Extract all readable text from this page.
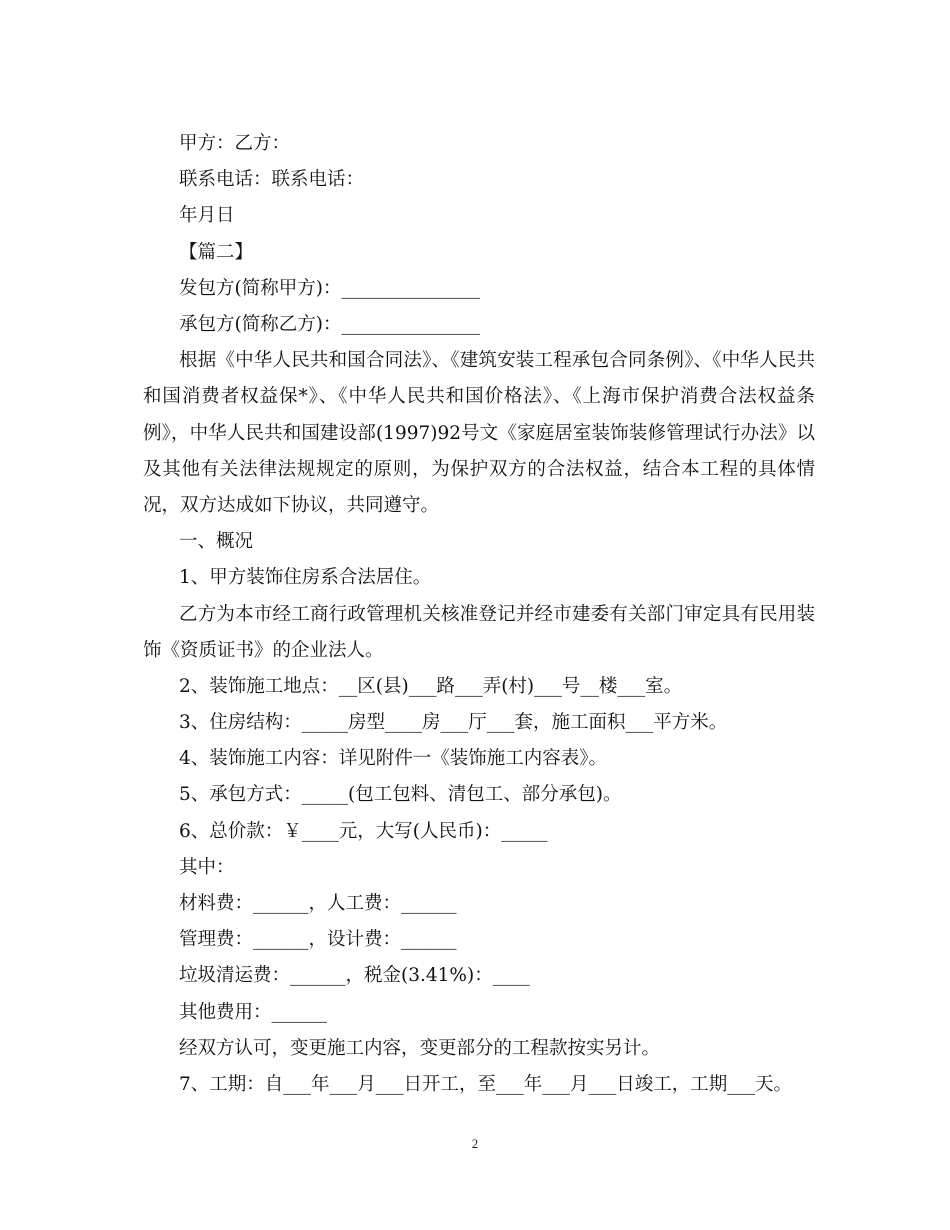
甲方：乙方：
联系电话：联系电话：
年月日
【篇二】
发包方(简称甲方)：_______________
承包方(简称乙方)：_______________
根据《中华人民共和国合同法》、《建筑安装工程承包合同条例》、《中华人民共和国消费者权益保*》、《中华人民共和国价格法》、《上海市保护消费合法权益条例》，中华人民共和国建设部(1997)92号文《家庭居室装饰装修管理试行办法》以及其他有关法律法规规定的原则，为保护双方的合法权益，结合本工程的具体情况，双方达成如下协议，共同遵守。
一、概况
1、甲方装饰住房系合法居住。
乙方为本市经工商行政管理机关核准登记并经市建委有关部门审定具有民用装饰《资质证书》的企业法人。
2、装饰施工地点：__区(县)___路___弄(村)___号__楼___室。
3、住房结构：_____房型____房___厅___套，施工面积___平方米。
4、装饰施工内容：详见附件一《装饰施工内容表》。
5、承包方式：_____(包工包料、清包工、部分承包)。
6、总价款：￥____元，大写(人民币)：_____
其中：
材料费：______，人工费：______
管理费：______，设计费：______
垃圾清运费：______，税金(3.41%)：____
其他费用：______
经双方认可，变更施工内容，变更部分的工程款按实另计。
7、工期：自___年___月___日开工，至___年___月___日竣工，工期___天。
2
